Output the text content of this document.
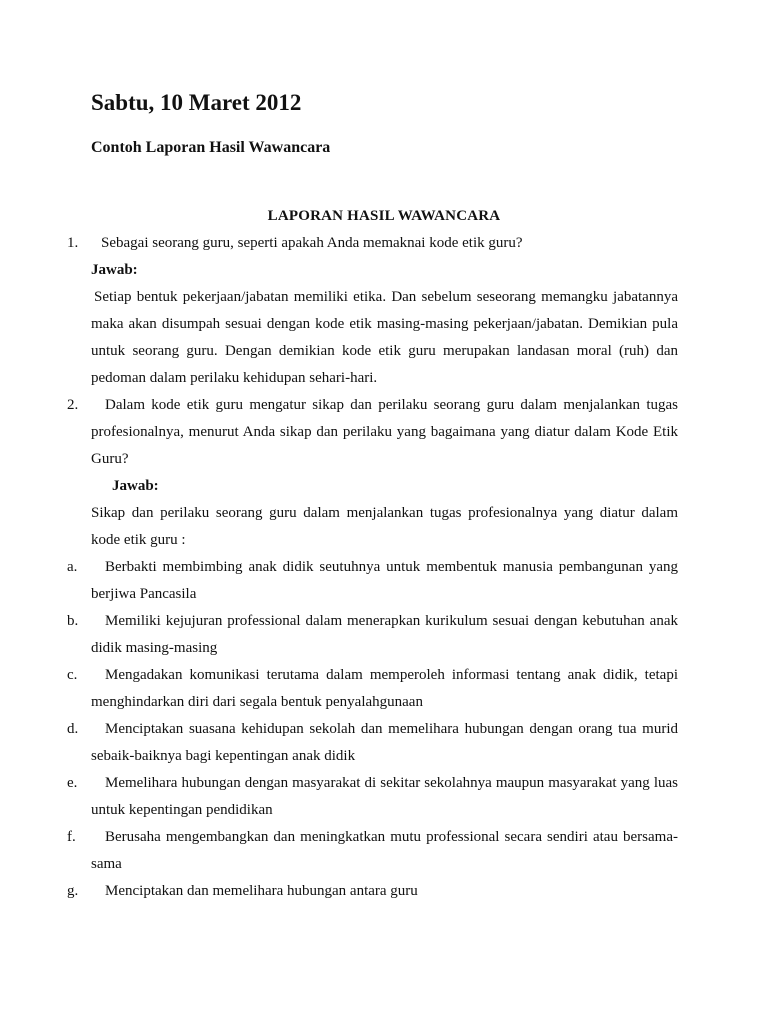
Sabtu, 10 Maret 2012
Contoh Laporan Hasil Wawancara
LAPORAN HASIL WAWANCARA
1.	Sebagai seorang guru, seperti apakah Anda memaknai kode etik guru?
Jawab:
Setiap bentuk pekerjaan/jabatan memiliki etika. Dan sebelum seseorang memangku jabatannya maka akan disumpah sesuai dengan kode etik masing-masing pekerjaan/jabatan. Demikian pula untuk seorang guru. Dengan demikian kode etik guru merupakan landasan moral (ruh) dan pedoman dalam perilaku kehidupan sehari-hari.
2.	Dalam kode etik guru mengatur sikap dan perilaku seorang guru dalam menjalankan tugas profesionalnya, menurut Anda sikap dan perilaku yang bagaimana yang diatur dalam Kode Etik Guru?
Jawab:
Sikap dan perilaku seorang guru dalam menjalankan tugas profesionalnya yang diatur dalam kode etik guru :
a.	Berbakti membimbing anak didik seutuhnya untuk membentuk manusia pembangunan yang berjiwa Pancasila
b.	Memiliki kejujuran professional dalam menerapkan kurikulum sesuai dengan kebutuhan anak didik masing-masing
c.	Mengadakan komunikasi terutama dalam memperoleh informasi tentang anak didik, tetapi menghindarkan diri dari segala bentuk penyalahgunaan
d.	Menciptakan suasana kehidupan sekolah dan memelihara hubungan dengan orang tua murid sebaik-baiknya bagi kepentingan anak didik
e.	Memelihara hubungan dengan masyarakat di sekitar sekolahnya maupun masyarakat yang luas untuk kepentingan pendidikan
f.	Berusaha mengembangkan dan meningkatkan mutu professional secara sendiri atau bersama-sama
g.	Menciptakan dan memelihara hubungan antara guru
